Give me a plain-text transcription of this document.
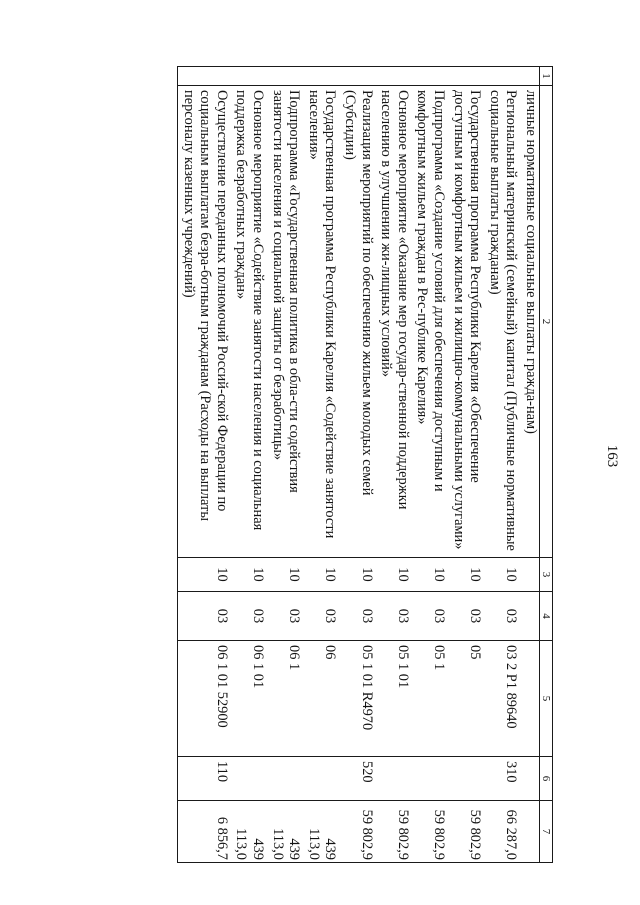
163
1	2	3	4	5	6	7
	личные нормативные социальные выплаты гражда-нам)					
	Региональный материнский (семейный) капитал (Публичные нормативные социальные выплаты гражданам)	10	03	03 2 P1 89640	310	66 287,0
	Государственная программа Республики Карелия «Обеспечение доступным и комфортным жильем и жилищно-коммунальными услугами»	10	03	05		59 802,9
	Подпрограмма «Создание условий для обеспечения доступным и комфортным жильем граждан в Рес-публике Карелия»	10	03	05 1		59 802,9
	Основное мероприятие «Оказание мер государ-ственной поддержки населению в улучшении жи-лищных условий»	10	03	05 1 01		59 802,9
	Реализация мероприятий по обеспечению жильем молодых семей (Субсидии)	10	03	05 1 01 R4970	520	59 802,9
	Государственная программа Республики Карелия «Содействие занятости населения»	10	03	06		439 113,0
	Подпрограмма «Государственная политика в обла-сти содействия занятости населения и социальной защиты от безработицы»	10	03	06 1		439 113,0
	Основное мероприятие «Содействие занятости населения и социальная поддержка безработных граждан»	10	03	06 1 01		439 113,0
	Осуществление переданных полномочий Россий-ской Федерации по социальным выплатам безра-ботным гражданам (Расходы на выплаты персоналу казенных учреждений)	10	03	06 1 01 52900	110	6 856,7
